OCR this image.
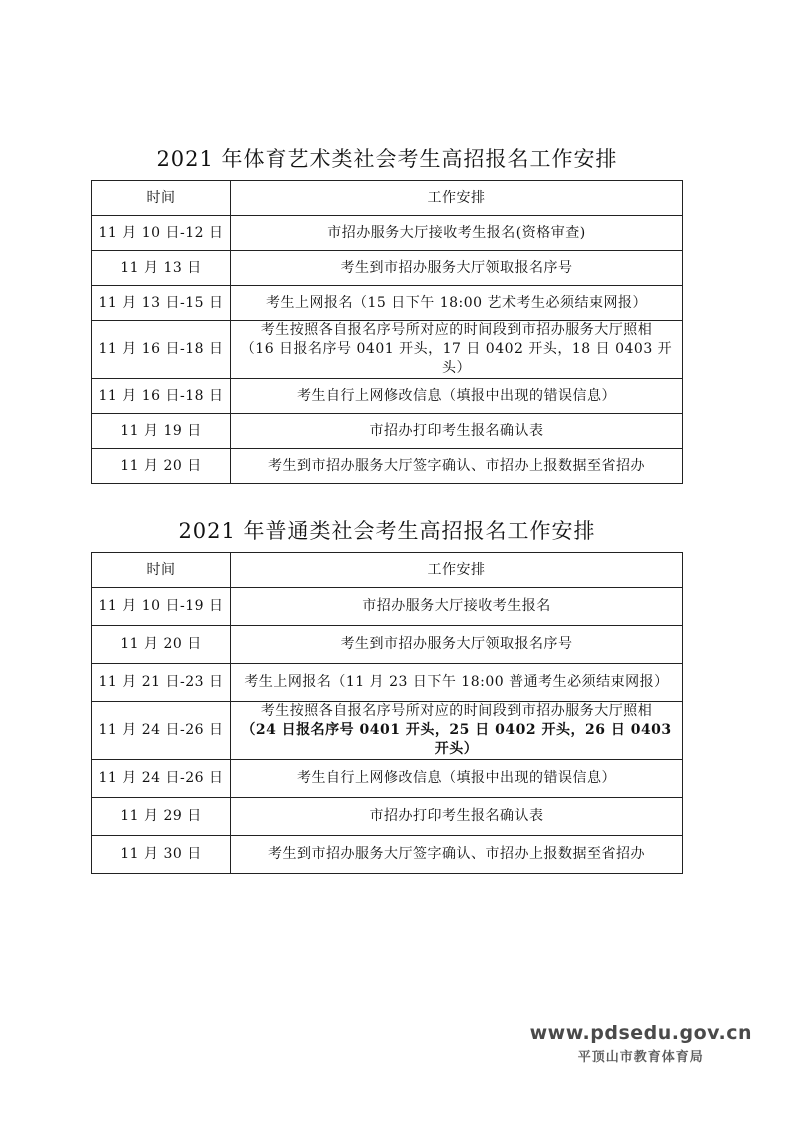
2021 年体育艺术类社会考生高招报名工作安排
时间	工作安排
11 月 10 日-12 日	市招办服务大厅接收考生报名(资格审查)
11 月 13 日	考生到市招办服务大厅领取报名序号
11 月 13 日-15 日	考生上网报名（15 日下午 18:00 艺术考生必须结束网报）
11 月 16 日-18 日	考生按照各自报名序号所对应的时间段到市招办服务大厅照相
（16 日报名序号 0401 开头，17 日 0402 开头，18 日 0403 开头）

11 月 16 日-18 日	考生自行上网修改信息（填报中出现的错误信息）
11 月 19 日	市招办打印考生报名确认表
11 月 20 日	考生到市招办服务大厅签字确认、市招办上报数据至省招办
2021 年普通类社会考生高招报名工作安排
时间	工作安排
11 月 10 日-19 日	市招办服务大厅接收考生报名
11 月 20 日	考生到市招办服务大厅领取报名序号
11 月 21 日-23 日	考生上网报名（11 月 23 日下午 18:00 普通考生必须结束网报）
11 月 24 日-26 日	考生按照各自报名序号所对应的时间段到市招办服务大厅照相
（24 日报名序号 0401 开头，25 日 0402 开头，26 日 0403 开头）

11 月 24 日-26 日	考生自行上网修改信息（填报中出现的错误信息）
11 月 29 日	市招办打印考生报名确认表
11 月 30 日	考生到市招办服务大厅签字确认、市招办上报数据至省招办
www.pdsedu.gov.cn
平顶山市教育体育局
